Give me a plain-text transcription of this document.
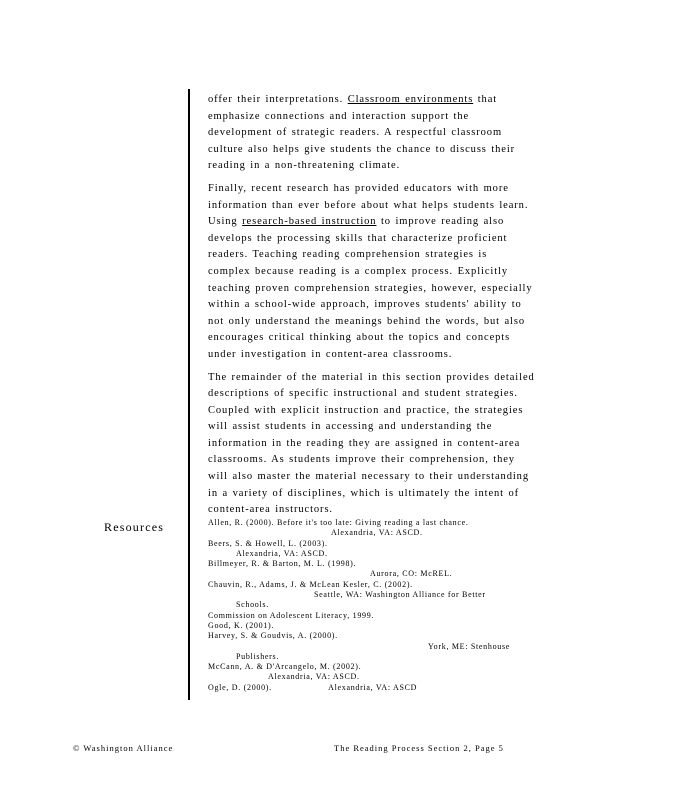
offer their interpretations. Classroom environments that
emphasize connections and interaction support the
development of strategic readers. A respectful classroom
culture also helps give students the chance to discuss their
reading in a non-threatening climate.
Finally, recent research has provided educators with more
information than ever before about what helps students learn.
Using research-based instruction to improve reading also
develops the processing skills that characterize proficient
readers. Teaching reading comprehension strategies is
complex because reading is a complex process. Explicitly
teaching proven comprehension strategies, however, especially
within a school-wide approach, improves students' ability to
not only understand the meanings behind the words, but also
encourages critical thinking about the topics and concepts
under investigation in content-area classrooms.
The remainder of the material in this section provides detailed
descriptions of specific instructional and student strategies.
Coupled with explicit instruction and practice, the strategies
will assist students in accessing and understanding the
information in the reading they are assigned in content-area
classrooms. As students improve their comprehension, they
will also master the material necessary to their understanding
in a variety of disciplines, which is ultimately the intent of
content-area instructors.
Resources	Allen, R. (2000). Before it's too late: Giving reading a last chance.
Alexandria, VA: ASCD.
Beers, S. & Howell, L. (2003).
Alexandria, VA: ASCD.
Billmeyer, R. & Barton, M. L. (1998).
Aurora, CO: McREL.
Chauvin, R., Adams, J. & McLean Kesler, C. (2002).
Seattle, WA: Washington Alliance for Better
Schools.
Commission on Adolescent Literacy, 1999.
Good, K. (2001).
Harvey, S. & Goudvis, A. (2000).
York, ME: Stenhouse
Publishers.
McCann, A. & D'Arcangelo, M. (2002).
Alexandria, VA: ASCD.
Ogle, D. (2000).                     Alexandria, VA: ASCD
© Washington Alliance	The Reading Process Section 2, Page 5
